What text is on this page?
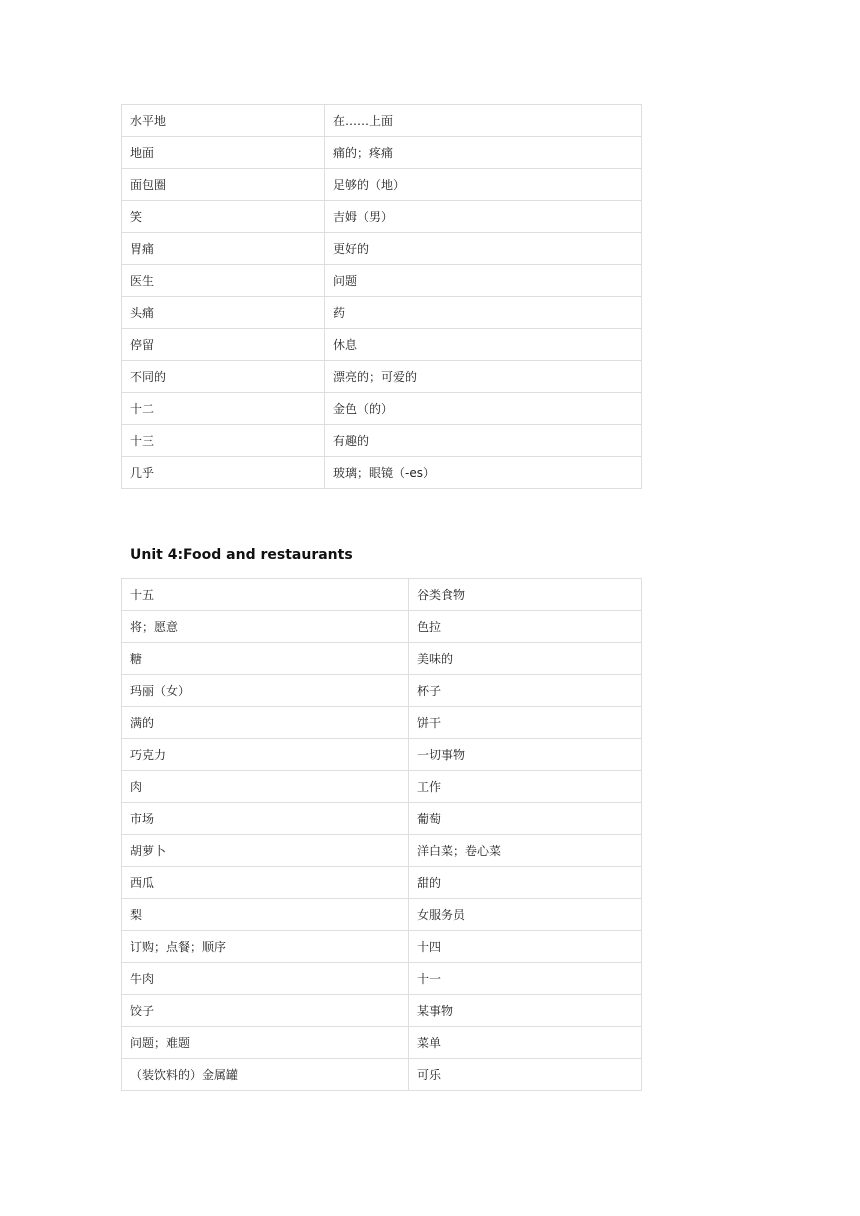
水平地	在……上面
地面	痛的；疼痛
面包圈	足够的（地）
笑	吉姆（男）
胃痛	更好的
医生	问题
头痛	药
停留	休息
不同的	漂亮的；可爱的
十二	金色（的）
十三	有趣的
几乎	玻璃；眼镜（-es）
Unit 4:Food and restaurants
十五	谷类食物
将；愿意	色拉
糖	美味的
玛丽（女）	杯子
满的	饼干
巧克力	一切事物
肉	工作
市场	葡萄
胡萝卜	洋白菜；卷心菜
西瓜	甜的
梨	女服务员
订购；点餐；顺序	十四
牛肉	十一
饺子	某事物
问题；难题	菜单
（装饮料的）金属罐	可乐
